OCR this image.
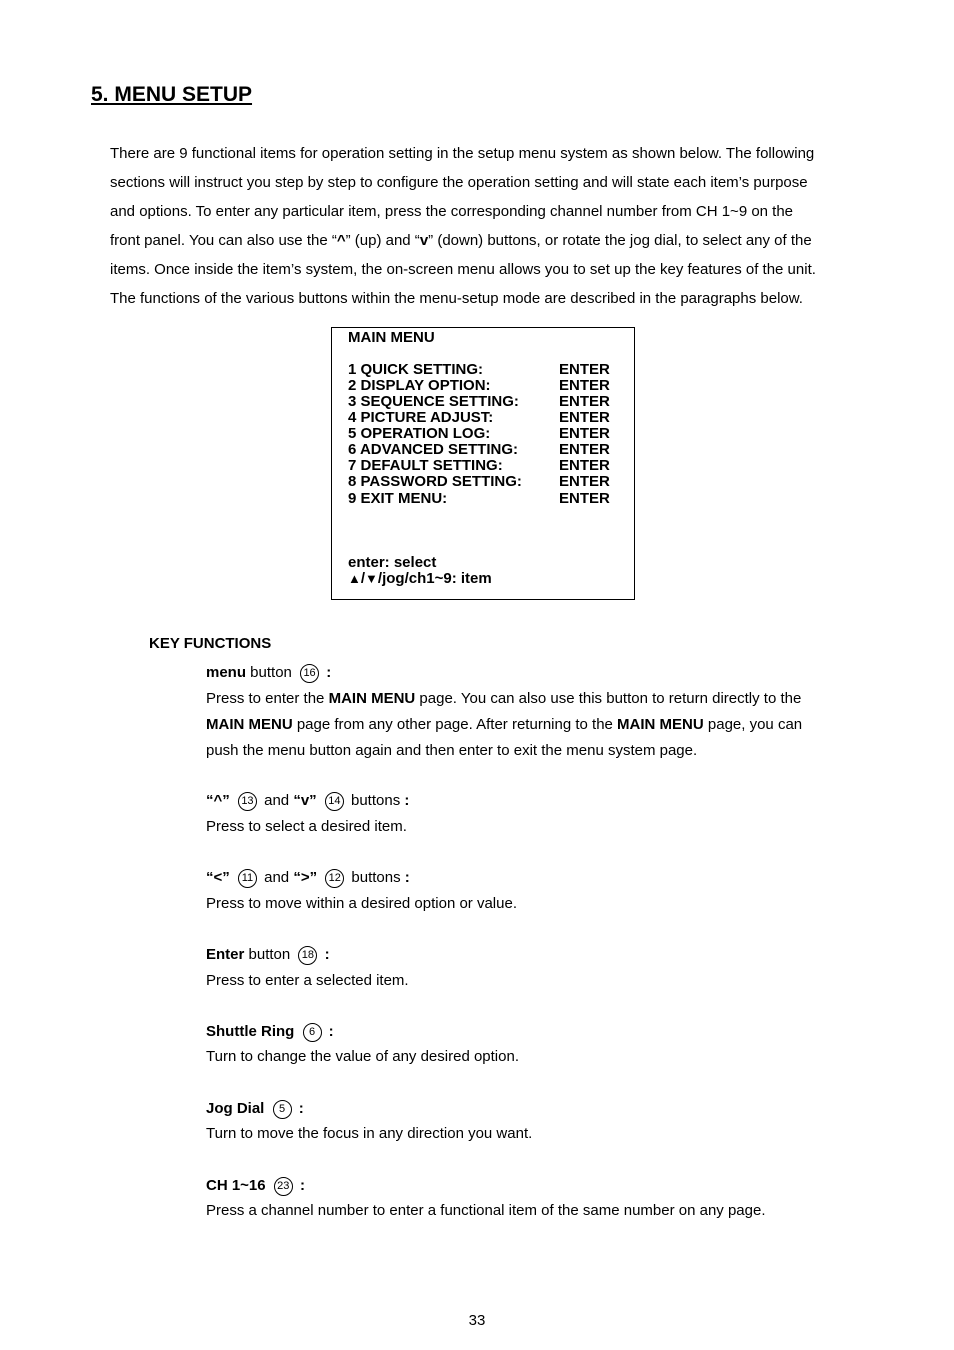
5. MENU SETUP
There are 9 functional items for operation setting in the setup menu system as shown below. The following
sections will instruct you step by step to configure the operation setting and will state each item’s purpose
and options. To enter any particular item, press the corresponding channel number from CH 1~9 on the
front panel. You can also use the “^” (up) and “v” (down) buttons, or rotate the jog dial, to select any of the
items. Once inside the item’s system, the on-screen menu allows you to set up the key features of the unit.
The functions of the various buttons within the menu-setup mode are described in the paragraphs below.
MAIN MENU
1 QUICK SETTING:	ENTER
2 DISPLAY OPTION:	ENTER
3 SEQUENCE SETTING:	ENTER
4 PICTURE ADJUST:	ENTER
5 OPERATION LOG:	ENTER
6 ADVANCED SETTING:	ENTER
7 DEFAULT SETTING:	ENTER
8 PASSWORD SETTING: ENTER
9 EXIT MENU:	ENTER
enter: select
▲/▼/jog/ch1~9: item
KEY FUNCTIONS
menu button 16 :
Press to enter the MAIN MENU page. You can also use this button to return directly to the
MAIN MENU page from any other page. After returning to the MAIN MENU page, you can
push the menu button again and then enter to exit the menu system page.
“^” 13 and “v” 14 buttons :
Press to select a desired item.
“<” 11 and “>” 12 buttons :
Press to move within a desired option or value.
Enter button 18 :
Press to enter a selected item.
Shuttle Ring 6 :
Turn to change the value of any desired option.
Jog Dial 5 :
Turn to move the focus in any direction you want.
CH 1~16 23 :
Press a channel number to enter a functional item of the same number on any page.
33
